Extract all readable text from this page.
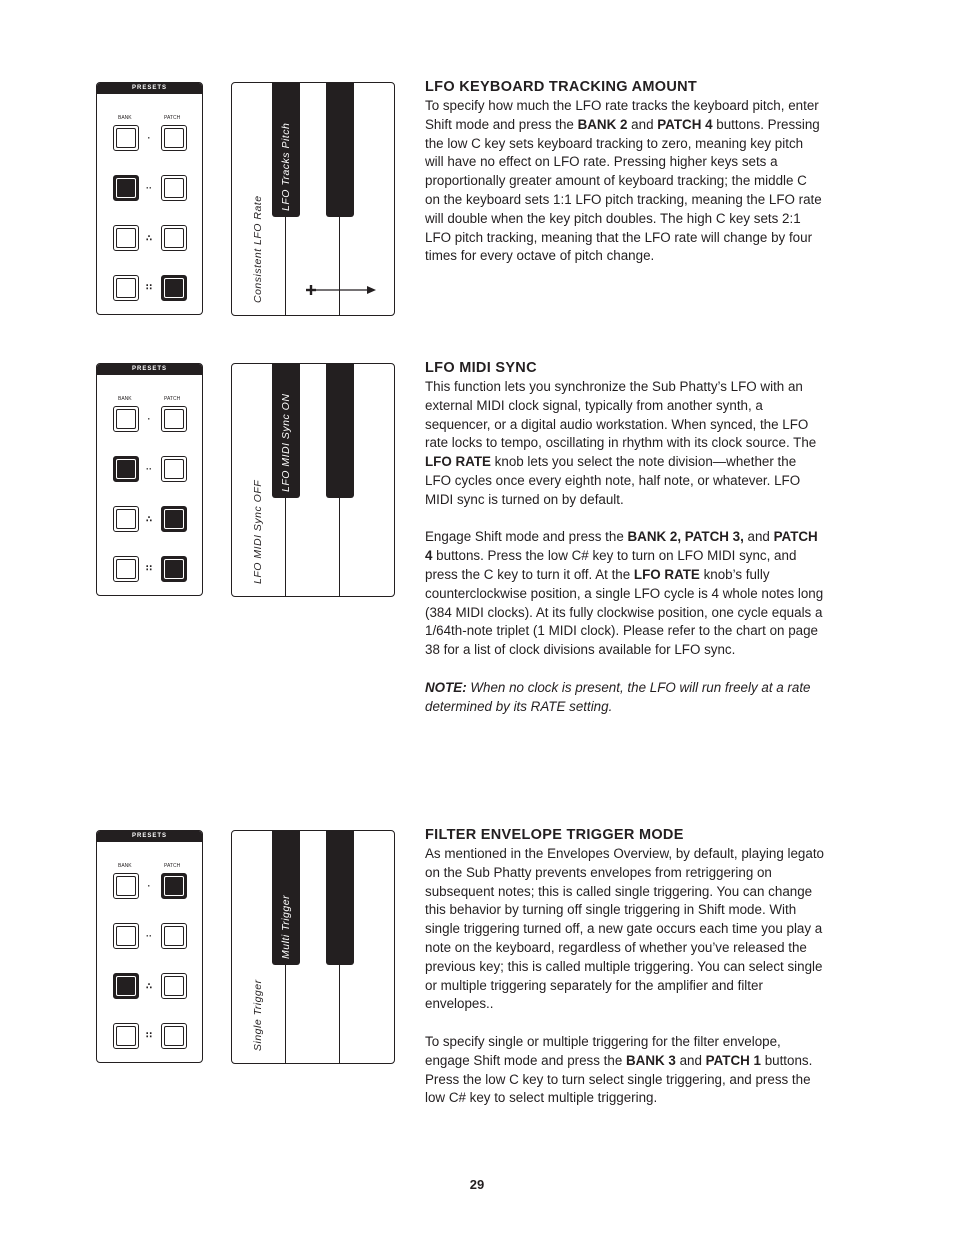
PRESETS
BANK	PATCH
·
··
∴
∷	Consistent LFO Rate
LFO Tracks Pitch
LFO KEYBOARD TRACKING AMOUNT

To specify how much the LFO rate tracks the keyboard pitch, enter Shift mode and press the BANK 2 and PATCH 4 buttons. Pressing the low C key sets keyboard tracking to zero, meaning key pitch will have no effect on LFO rate. Pressing higher keys sets a proportionally greater amount of keyboard tracking; the middle C on the keyboard sets 1:1 LFO pitch tracking, meaning the LFO rate will double when the key pitch doubles. The high C key sets 2:1 LFO pitch tracking, meaning that the LFO rate will change by four times for every octave of pitch change.

PRESETS
BANK	PATCH
·
··
∴
∷	LFO MIDI Sync OFF
LFO MIDI Sync ON
LFO MIDI SYNC

This function lets you synchronize the Sub Phatty’s LFO with an external MIDI clock signal, typically from another synth, a sequencer, or a digital audio workstation. When synced, the LFO rate locks to tempo, oscillating in rhythm with its clock source. The LFO RATE knob lets you select the note division—whether the LFO cycles once every eighth note, half note, or whatever. LFO MIDI sync is turned on by default.

Engage Shift mode and press the BANK 2, PATCH 3, and PATCH 4 buttons. Press the low C# key to turn on LFO MIDI sync, and press the C key to turn it off. At the LFO RATE knob’s fully counterclockwise position, a single LFO cycle is 4 whole notes long (384 MIDI clocks). At its fully clockwise position, one cycle equals a 1/64th-note triplet (1 MIDI clock). Please refer to the chart on page 38 for a list of clock divisions available for LFO sync.

NOTE: When no clock is present, the LFO will run freely at a rate determined by its RATE setting.

PRESETS
BANK	PATCH
·
··
∴
∷	Single Trigger
Multi Trigger
FILTER ENVELOPE TRIGGER MODE

As mentioned in the Envelopes Overview, by default, playing legato on the Sub Phatty prevents envelopes from retriggering on subsequent notes; this is called single triggering. You can change this behavior by turning off single triggering in Shift mode. With single triggering turned off, a new gate occurs each time you play a note on the keyboard, regardless of whether you’ve released the previous key; this is called multiple triggering. You can select single or multiple triggering separately for the amplifier and filter envelopes..

To specify single or multiple triggering for the filter envelope, engage Shift mode and press the BANK 3 and PATCH 1 buttons. Press the low C key to turn select single triggering, and press the low C# key to select multiple triggering.

29
